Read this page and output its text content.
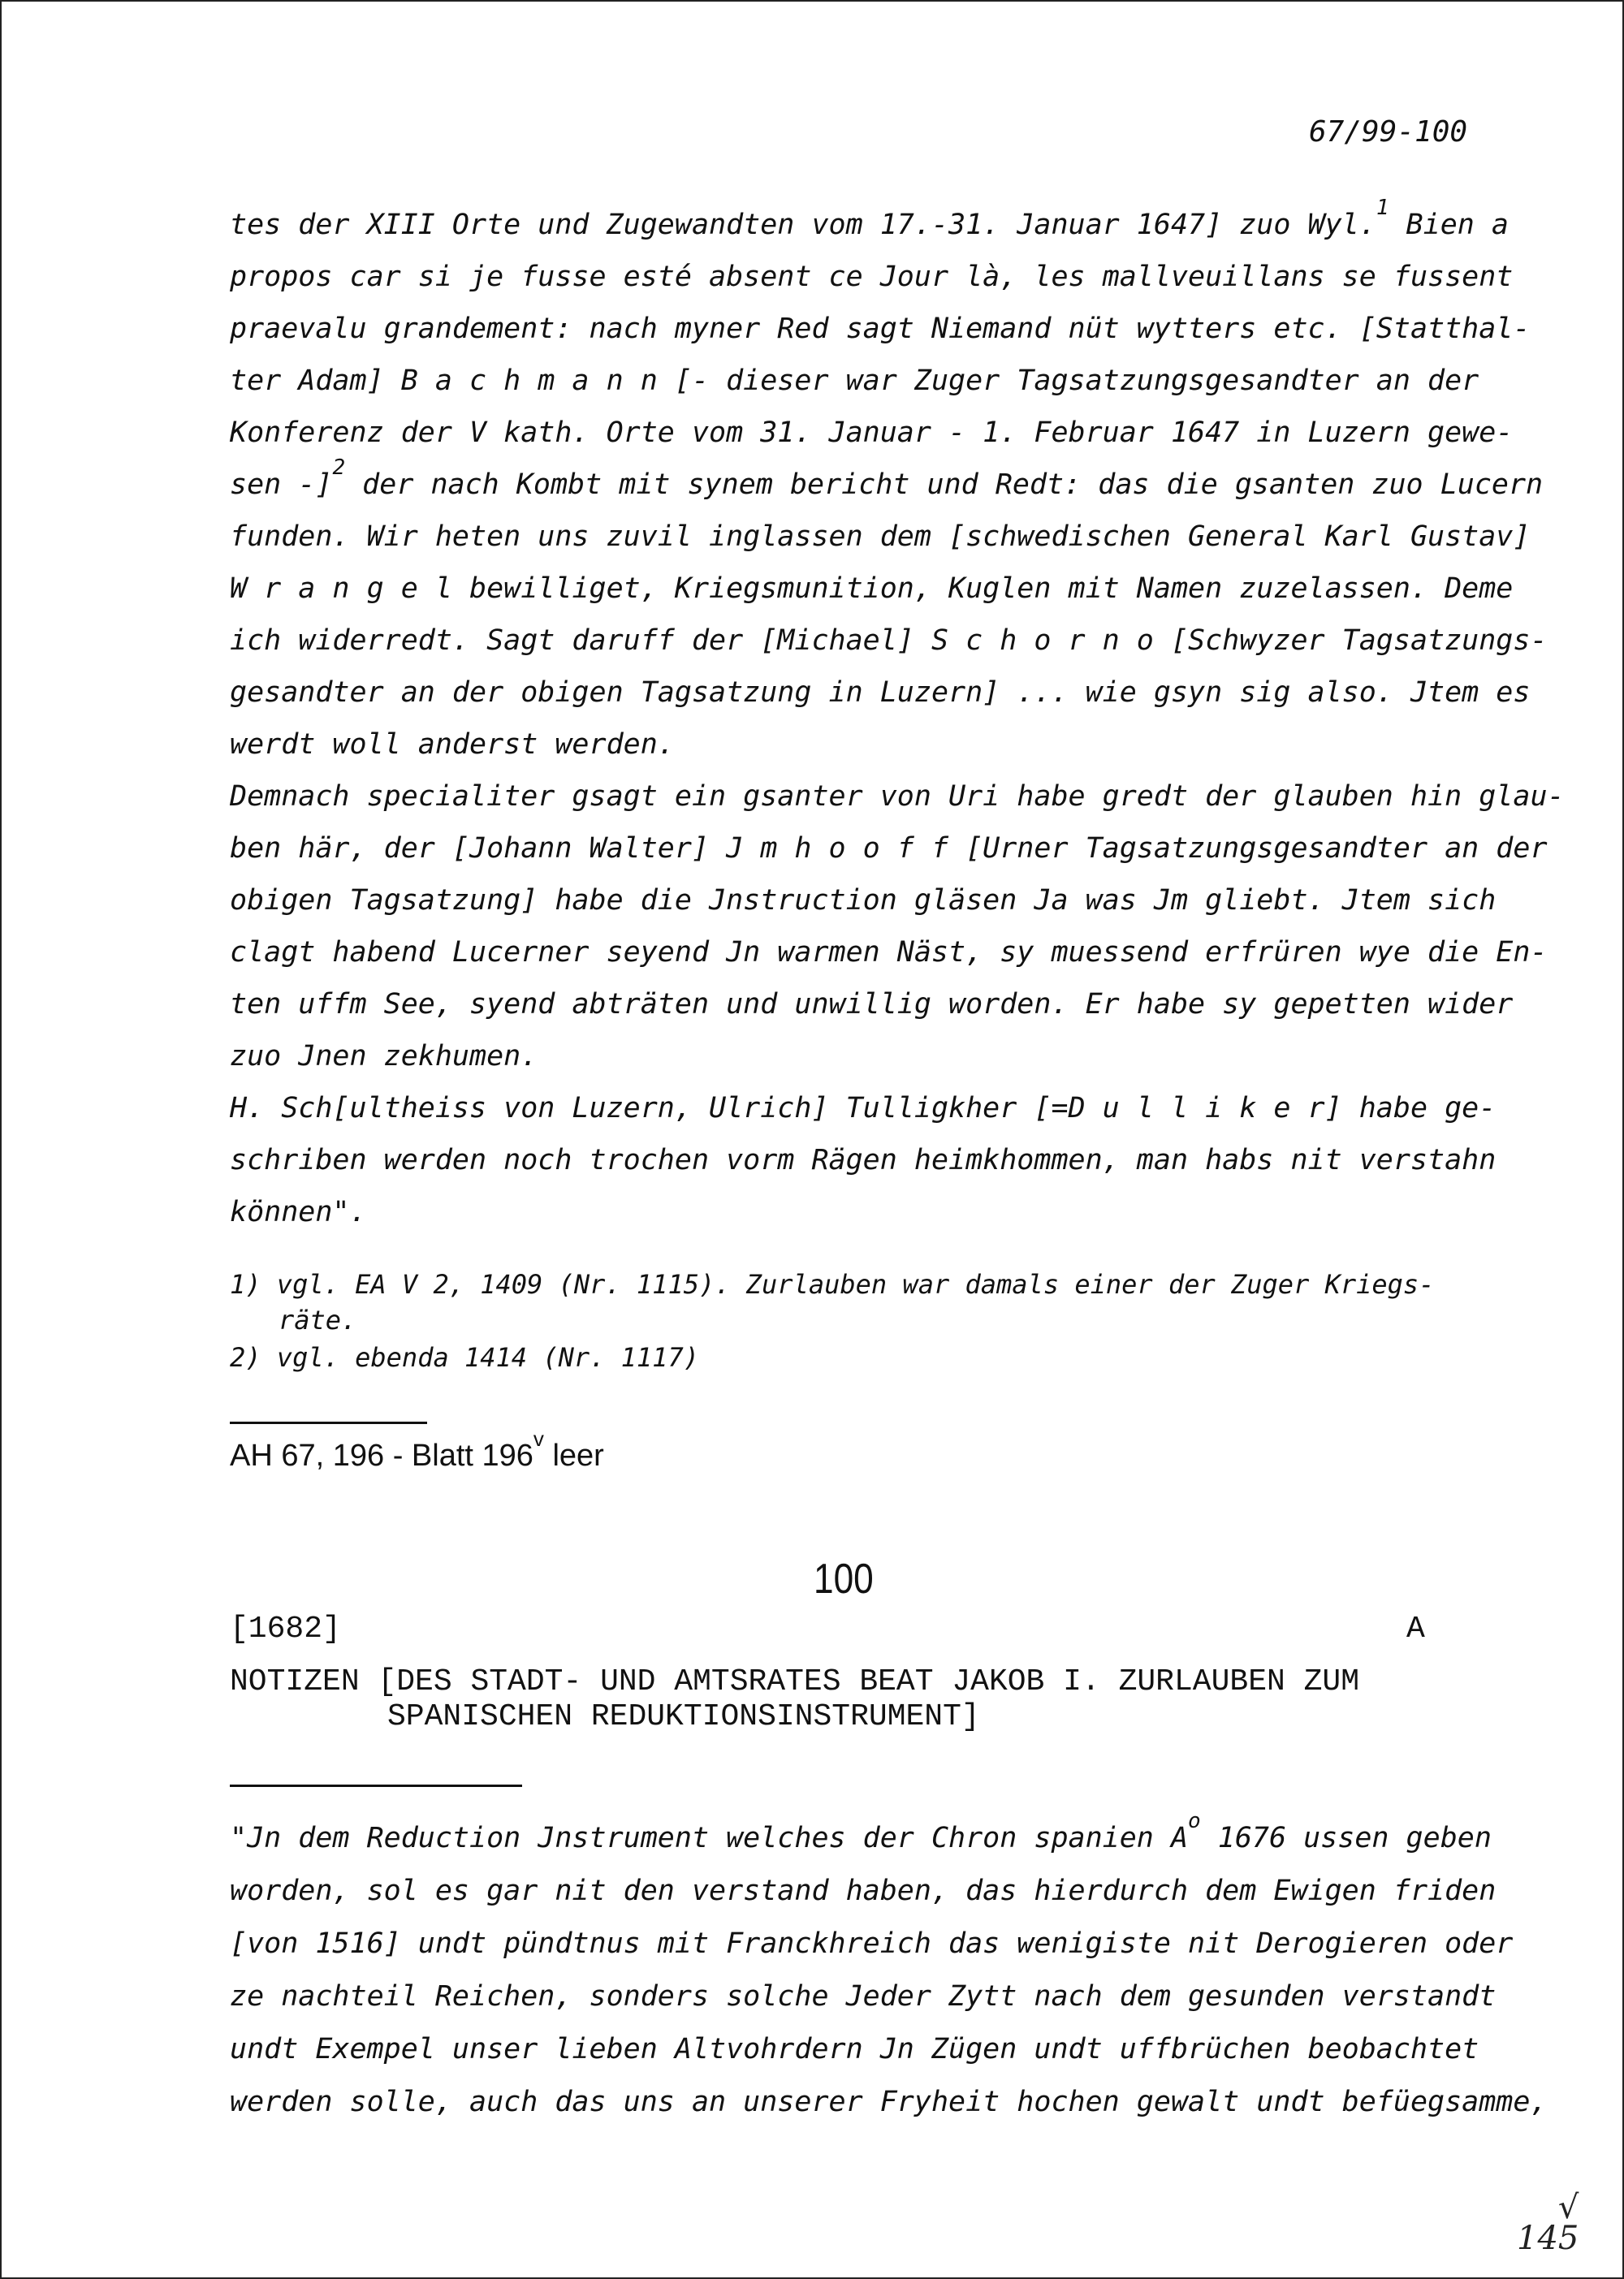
67/99-100
tes der XIII Orte und Zugewandten vom 17.-31. Januar 1647] zuo Wyl.$^1$ Bien a
propos car si je fusse esté absent ce Jour là, les mallveuillans se fussent
praevalu grandement: nach myner Red sagt Niemand nüt wytters etc. [Statthal-
ter Adam] B a c h m a n n [- dieser war Zuger Tagsatzungsgesandter an der
Konferenz der V kath. Orte vom 31. Januar - 1. Februar 1647 in Luzern gewe-
sen -]$^2$ der nach Kombt mit synem bericht und Redt: das die gsanten zuo Lucern
funden. Wir heten uns zuvil inglassen dem [schwedischen General Karl Gustav]
W r a n g e l bewilliget, Kriegsmunition, Kuglen mit Namen zuzelassen. Deme
ich widerredt. Sagt daruff der [Michael] S c h o r n o [Schwyzer Tagsatzungs-
gesandter an der obigen Tagsatzung in Luzern] ... wie gsyn sig also. Jtem es
werdt woll anderst werden.
Demnach specialiter gsagt ein gsanter von Uri habe gredt der glauben hin glau-
ben här, der [Johann Walter] J m h o o f f [Urner Tagsatzungsgesandter an der
obigen Tagsatzung] habe die Jnstruction gläsen Ja was Jm gliebt. Jtem sich
clagt habend Lucerner seyend Jn warmen Näst, sy muessend erfrüren wye die En-
ten uffm See, syend abträten und unwillig worden. Er habe sy gepetten wider
zuo Jnen zekhumen.
H. Sch[ultheiss von Luzern, Ulrich] Tulligkher [=D u l l i k e r] habe ge-
schriben werden noch trochen vorm Rägen heimkhommen, man habs nit verstahn
können".
1) vgl. EA V 2, 1409 (Nr. 1115). Zurlauben war damals einer der Zuger Kriegs-
räte.
2) vgl. ebenda 1414 (Nr. 1117)
AH 67, 196 - Blatt 196$^v$ leer
100
[1682]	A
NOTIZEN [DES STADT- UND AMTSRATES BEAT JAKOB I. ZURLAUBEN ZUM
SPANISCHEN REDUKTIONSINSTRUMENT]
"Jn dem Reduction Jnstrument welches der Chron spanien $A^o$ 1676 ussen geben
worden, sol es gar nit den verstand haben, das hierdurch dem Ewigen friden
[von 1516] undt pündtnus mit Franckhreich das wenigiste nit Derogieren oder
ze nachteil Reichen, sonders solche Jeder Zytt nach dem gesunden verstandt
undt Exempel unser lieben Altvohrdern Jn Zügen undt uffbrüchen beobachtet
werden solle, auch das uns an unserer Fryheit hochen gewalt undt befüegsamme,
√
145
